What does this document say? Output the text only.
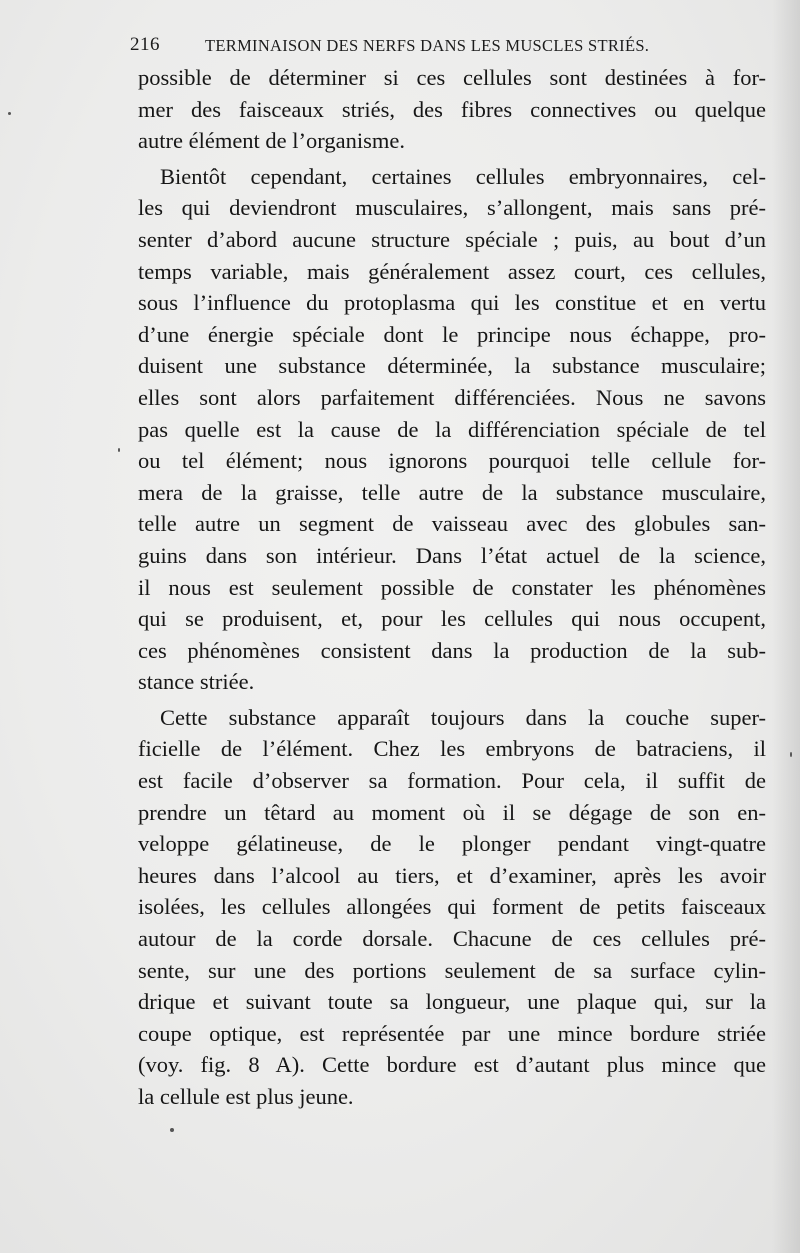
216	TERMINAISON DES NERFS DANS LES MUSCLES STRIÉS.
possible de déterminer si ces cellules sont destinées à for-
mer des faisceaux striés, des fibres connectives ou quelque
autre élément de l’organisme.
Bientôt cependant, certaines cellules embryonnaires, cel-
les qui deviendront musculaires, s’allongent, mais sans pré-
senter d’abord aucune structure spéciale ; puis, au bout d’un
temps variable, mais généralement assez court, ces cellules,
sous l’influence du protoplasma qui les constitue et en vertu
d’une énergie spéciale dont le principe nous échappe, pro-
duisent une substance déterminée, la substance musculaire;
elles sont alors parfaitement différenciées. Nous ne savons
pas quelle est la cause de la différenciation spéciale de tel
ou tel élément; nous ignorons pourquoi telle cellule for-
mera de la graisse, telle autre de la substance musculaire,
telle autre un segment de vaisseau avec des globules san-
guins dans son intérieur. Dans l’état actuel de la science,
il nous est seulement possible de constater les phénomènes
qui se produisent, et, pour les cellules qui nous occupent,
ces phénomènes consistent dans la production de la sub-
stance striée.
Cette substance apparaît toujours dans la couche super-
ficielle de l’élément. Chez les embryons de batraciens, il
est facile d’observer sa formation. Pour cela, il suffit de
prendre un têtard au moment où il se dégage de son en-
veloppe gélatineuse, de le plonger pendant vingt-quatre
heures dans l’alcool au tiers, et d’examiner, après les avoir
isolées, les cellules allongées qui forment de petits faisceaux
autour de la corde dorsale. Chacune de ces cellules pré-
sente, sur une des portions seulement de sa surface cylin-
drique et suivant toute sa longueur, une plaque qui, sur la
coupe optique, est représentée par une mince bordure striée
(voy. fig. 8 A). Cette bordure est d’autant plus mince que
la cellule est plus jeune.
